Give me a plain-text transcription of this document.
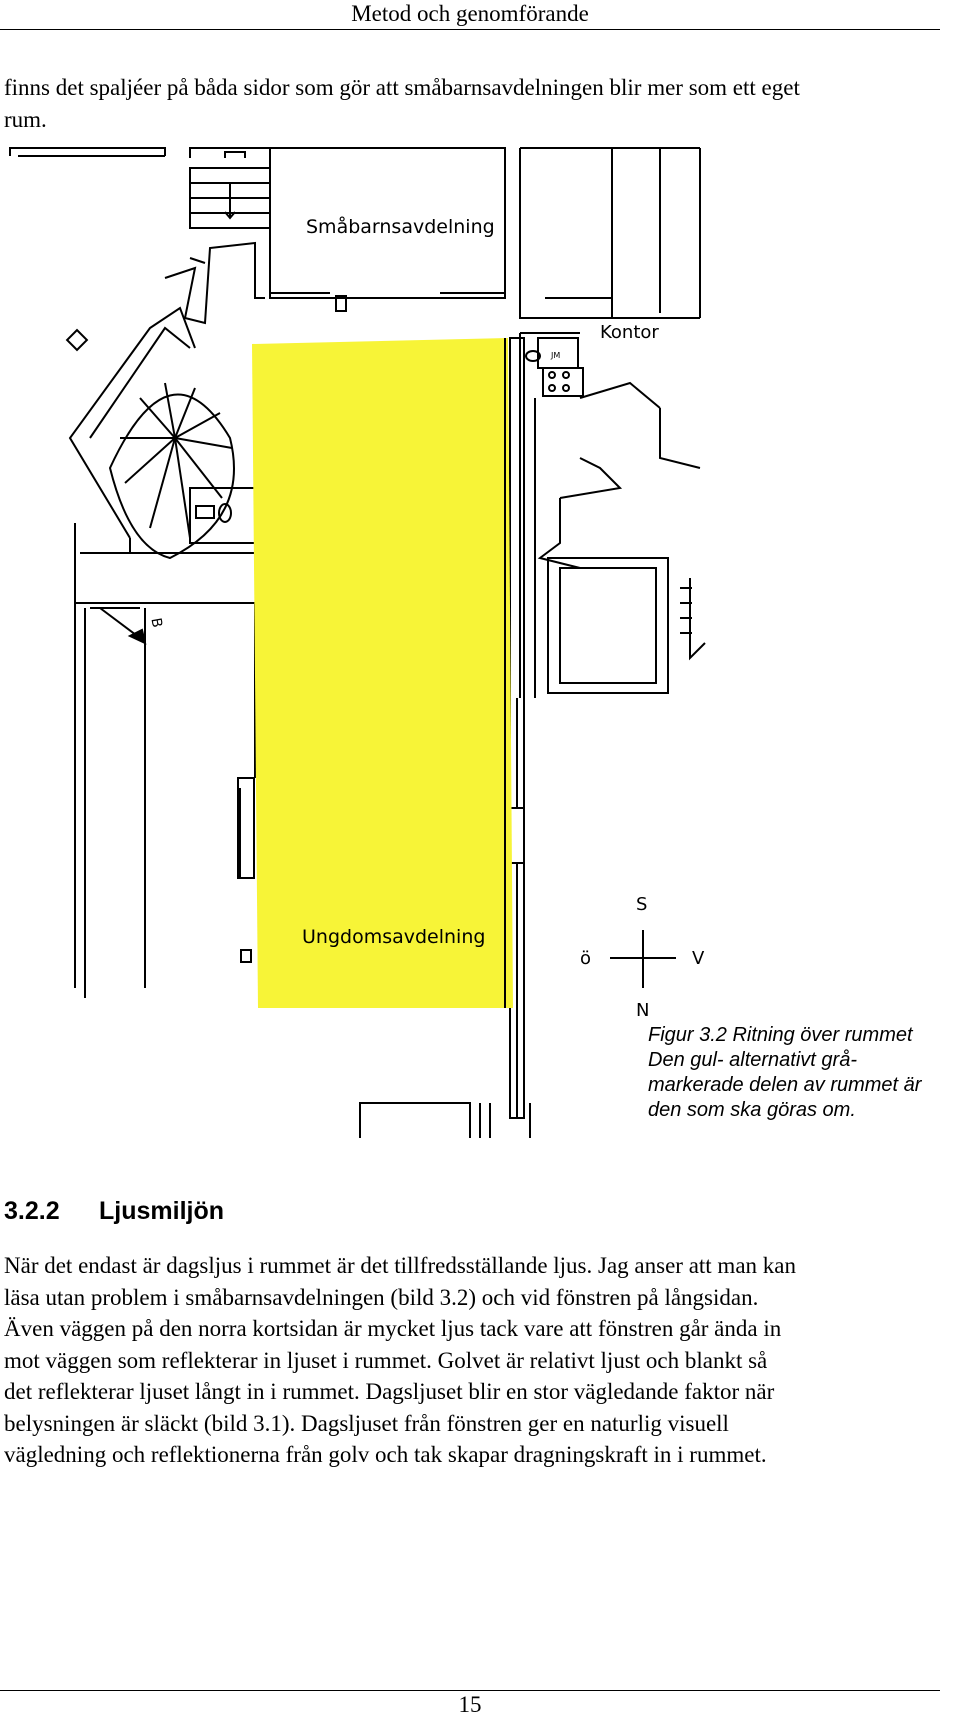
Metod och genomförande
finns det spaljéer på båda sidor som gör att småbarnsavdelningen blir mer som ett eget
rum.
Småbarnsavdelning
Kontor
Ungdomsavdelning
B
JM
S
ö	V
N
Figur 3.2 Ritning över rummet
Den gul- alternativt grå-
markerade delen av rummet är
den som ska göras om.
3.2.2 Ljusmiljön
När det endast är dagsljus i rummet är det tillfredsställande ljus. Jag anser att man kan
läsa utan problem i småbarnsavdelningen (bild 3.2) och vid fönstren på långsidan.
Även väggen på den norra kortsidan är mycket ljus tack vare att fönstren går ända in
mot väggen som reflekterar in ljuset i rummet. Golvet är relativt ljust och blankt så
det reflekterar ljuset långt in i rummet. Dagsljuset blir en stor vägledande faktor när
belysningen är släckt (bild 3.1). Dagsljuset från fönstren ger en naturlig visuell
vägledning och reflektionerna från golv och tak skapar dragningskraft in i rummet.
15
